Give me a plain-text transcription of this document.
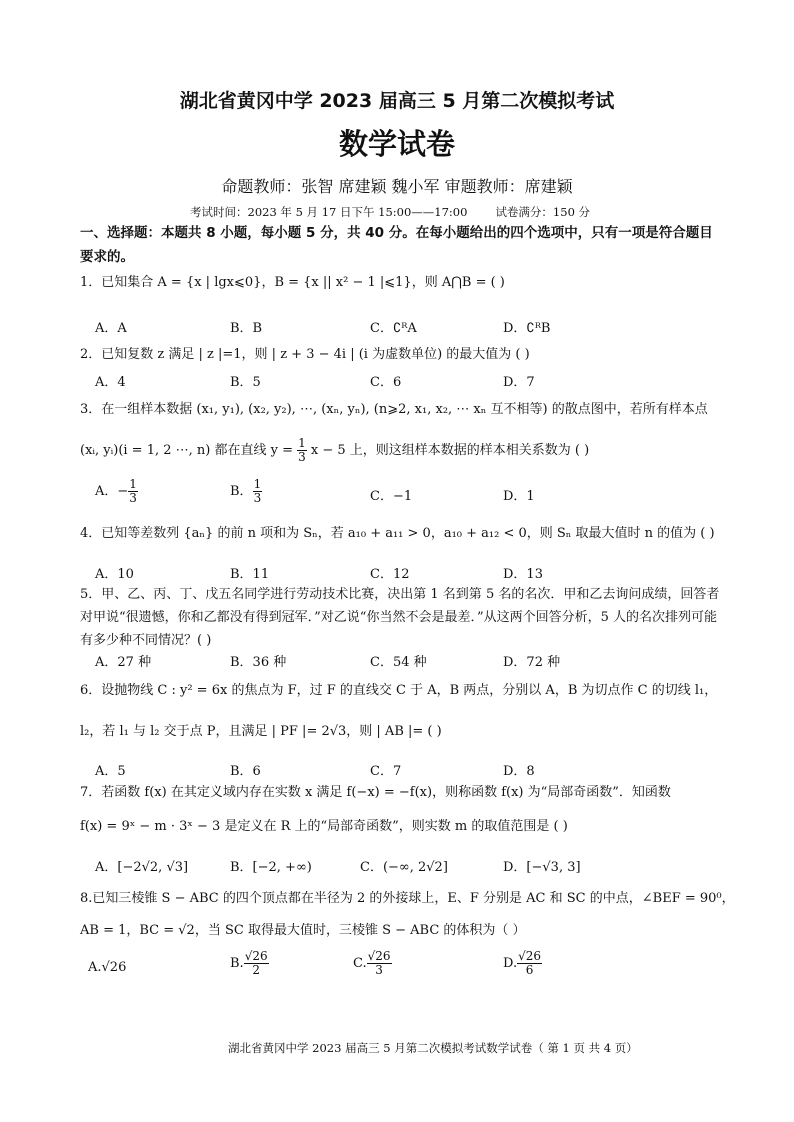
湖北省黄冈中学 2023 届高三 5 月第二次模拟考试
数学试卷
命题教师：张智 席建颖 魏小军 审题教师：席建颖
考试时间：2023 年 5 月 17 日下午 15:00——17:00 试卷满分：150 分
一、选择题：本题共 8 小题，每小题 5 分，共 40 分。在每小题给出的四个选项中，只有一项是符合题目要求的。
1．已知集合 A = {x | lgx⩽0}，B = {x || x² − 1 |⩽1}，则 A⋂B = ( )
A．A	B．B	C．∁ᴿA	D．∁ᴿB
2．已知复数 z 满足 | z |=1，则 | z + 3 − 4i | (i 为虚数单位) 的最大值为 ( )
A．4	B．5	C．6	D．7
3．在一组样本数据 (x₁, y₁), (x₂, y₂), ⋯, (xₙ, yₙ), (n⩾2, x₁, x₂, ⋯ xₙ 互不相等) 的散点图中，若所有样本点
(xᵢ, yᵢ)(i = 1, 2 ⋯, n) 都在直线 $y = \frac{1}{3}$ x − 5 上，则这组样本数据的样本相关系数为 ( )
A．− $\frac{1}{3}$	B． $\frac{1}{3}$	C．−1	D．1
4．已知等差数列 {aₙ} 的前 n 项和为 Sₙ，若 a₁₀ + a₁₁ > 0，a₁₀ + a₁₂ < 0，则 Sₙ 取最大值时 n 的值为 ( )
A．10	B．11	C．12	D．13
5．甲、乙、丙、丁、戊五名同学进行劳动技术比赛，决出第 1 名到第 5 名的名次．甲和乙去询问成绩，回答者对甲说“很遗憾，你和乙都没有得到冠军．”对乙说“你当然不会是最差．”从这两个回答分析，5 人的名次排列可能有多少种不同情况？( )
A．27 种	B．36 种	C．54 种	D．72 种
6．设抛物线 C : y² = 6x 的焦点为 F，过 F 的直线交 C 于 A，B 两点，分别以 A，B 为切点作 C 的切线 l₁，
l₂，若 l₁ 与 l₂ 交于点 P，且满足 | PF |= 2√3，则 | AB |= ( )
A．5	B．6	C．7	D．8
7．若函数 f(x) 在其定义域内存在实数 x 满足 f(−x) = −f(x)，则称函数 f(x) 为“局部奇函数”．知函数
f(x) = 9ˣ − m · 3ˣ − 3 是定义在 R 上的“局部奇函数”，则实数 m 的取值范围是 ( )
A．[−2√2, √3]	B．[−2, +∞)	C．(−∞, 2√2]	D．[−√3, 3]
8.已知三棱锥 S − ABC 的四个顶点都在半径为 2 的外接球上，E、F 分别是 AC 和 SC 的中点，∠BEF = 90⁰，
AB = 1，BC = √2，当 SC 取得最大值时，三棱锥 S − ABC 的体积为（ ）
A.√26	B. $\frac{√26}{2}$	C. $\frac{√26}{3}$	D. $\frac{√26}{6}$
湖北省黄冈中学 2023 届高三 5 月第二次模拟考试数学试卷（ 第 1 页 共 4 页）
